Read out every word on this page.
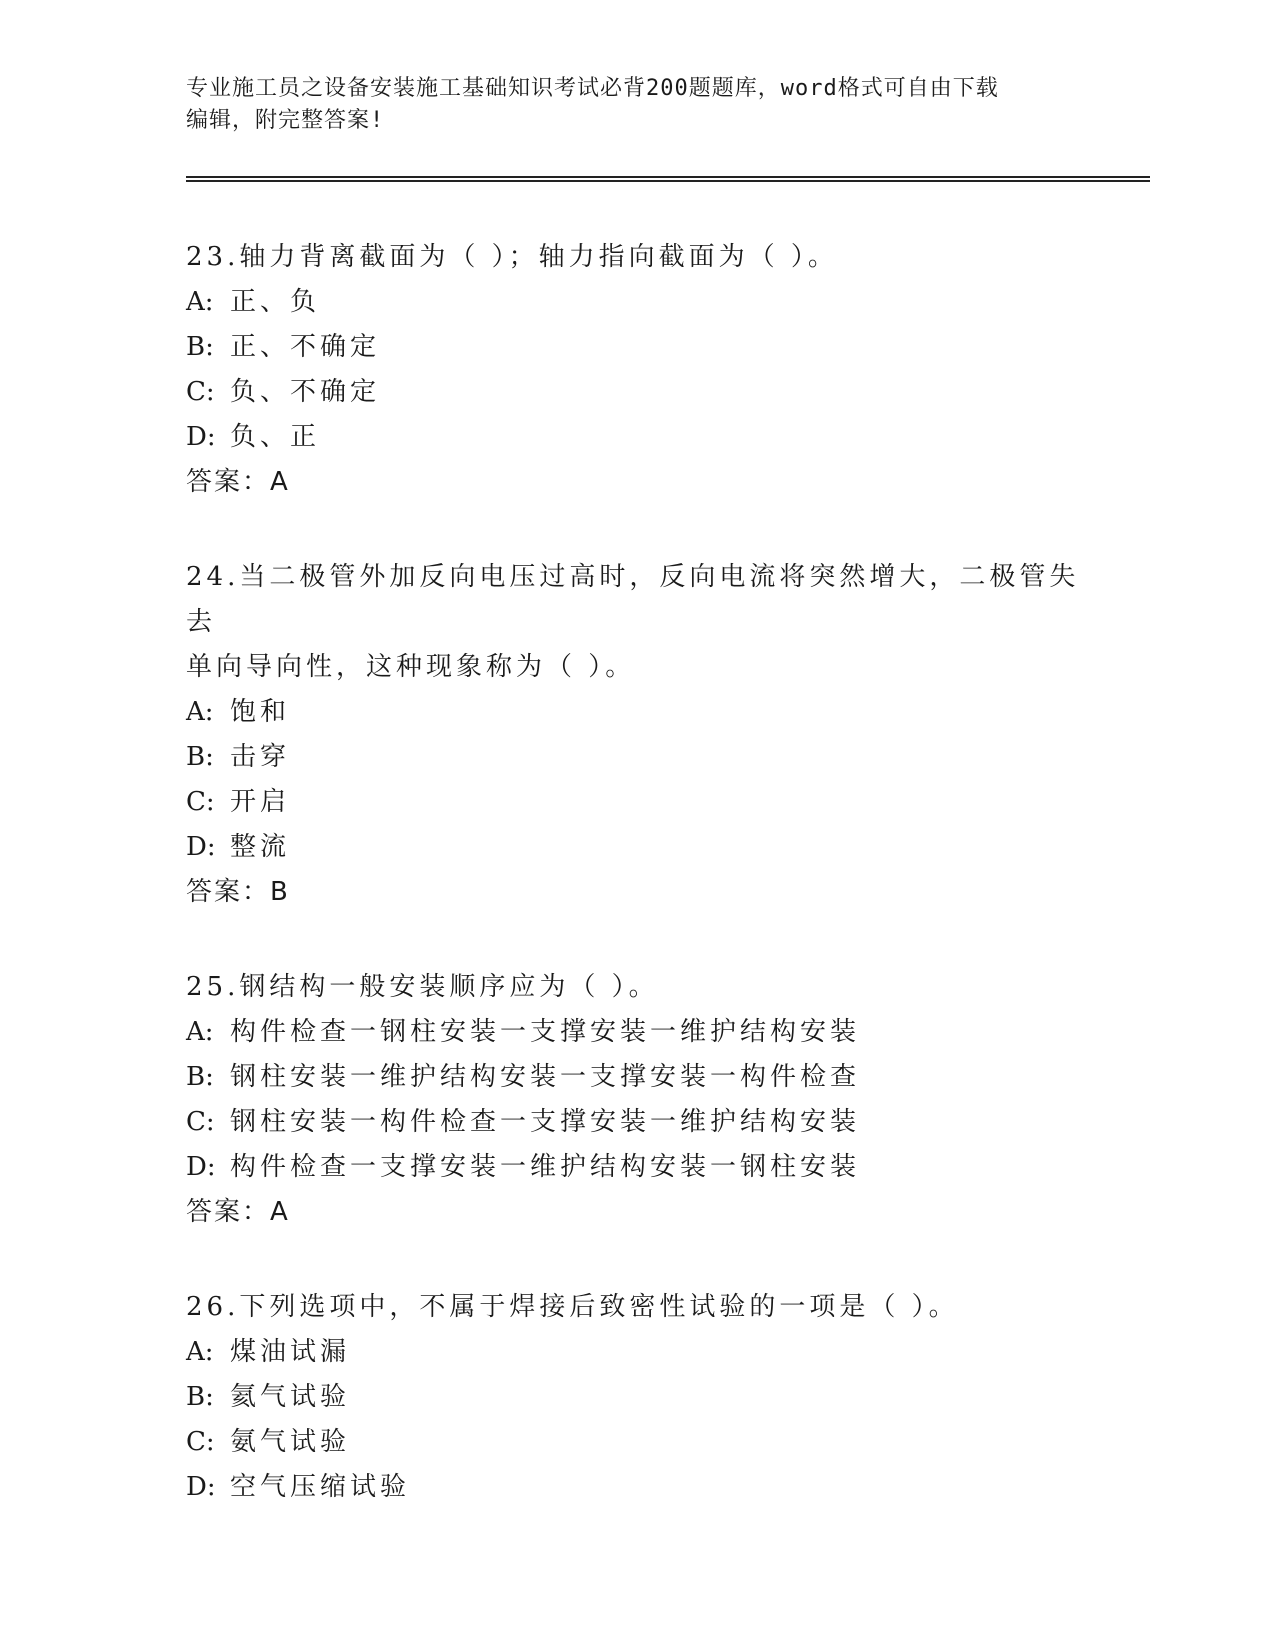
专业施工员之设备安装施工基础知识考试必背200题题库，word格式可自由下载

编辑，附完整答案!

23.轴力背离截面为（ ）；轴力指向截面为（ ）。

A: 正、负

B: 正、不确定

C: 负、不确定

D: 负、正

答案：A

24.当二极管外加反向电压过高时，反向电流将突然增大，二极管失去

单向导向性，这种现象称为（ ）。

A: 饱和

B: 击穿

C: 开启

D: 整流

答案：B

25.钢结构一般安装顺序应为（ ）。

A: 构件检查一钢柱安装一支撑安装一维护结构安装

B: 钢柱安装一维护结构安装一支撑安装一构件检查

C: 钢柱安装一构件检查一支撑安装一维护结构安装

D: 构件检查一支撑安装一维护结构安装一钢柱安装

答案：A

26.下列选项中，不属于焊接后致密性试验的一项是（ ）。

A: 煤油试漏

B: 氦气试验

C: 氨气试验

D: 空气压缩试验
